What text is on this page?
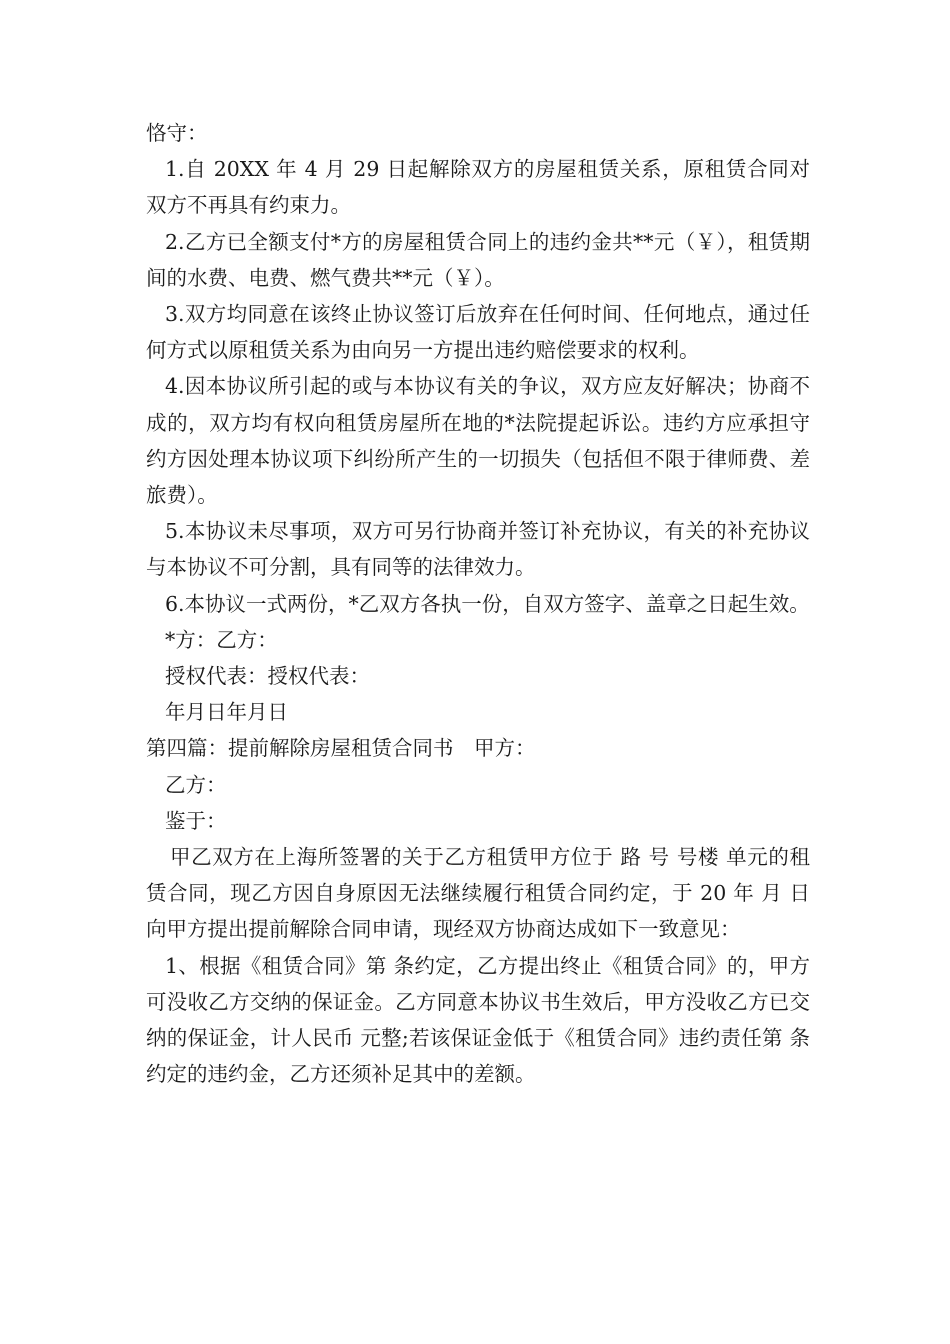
恪守：

1.自 20XX 年 4 月 29 日起解除双方的房屋租赁关系，原租赁合同对双方不再具有约束力。

2.乙方已全额支付*方的房屋租赁合同上的违约金共**元（￥），租赁期间的水费、电费、燃气费共**元（￥）。

3.双方均同意在该终止协议签订后放弃在任何时间、任何地点，通过任何方式以原租赁关系为由向另一方提出违约赔偿要求的权利。

4.因本协议所引起的或与本协议有关的争议，双方应友好解决；协商不成的，双方均有权向租赁房屋所在地的*法院提起诉讼。违约方应承担守约方因处理本协议项下纠纷所产生的一切损失（包括但不限于律师费、差旅费）。

5.本协议未尽事项，双方可另行协商并签订补充协议，有关的补充协议与本协议不可分割，具有同等的法律效力。

6.本协议一式两份，*乙双方各执一份，自双方签字、盖章之日起生效。

*方：乙方：

授权代表：授权代表：

年月日年月日

第四篇：提前解除房屋租赁合同书　甲方：

乙方：

鉴于：

甲乙双方在上海所签署的关于乙方租赁甲方位于 路 号 号楼 单元的租赁合同，现乙方因自身原因无法继续履行租赁合同约定，于 20 年 月 日向甲方提出提前解除合同申请，现经双方协商达成如下一致意见：

1、根据《租赁合同》第 条约定，乙方提出终止《租赁合同》的，甲方可没收乙方交纳的保证金。乙方同意本协议书生效后，甲方没收乙方已交纳的保证金，计人民币 元整;若该保证金低于《租赁合同》违约责任第 条约定的违约金，乙方还须补足其中的差额。
